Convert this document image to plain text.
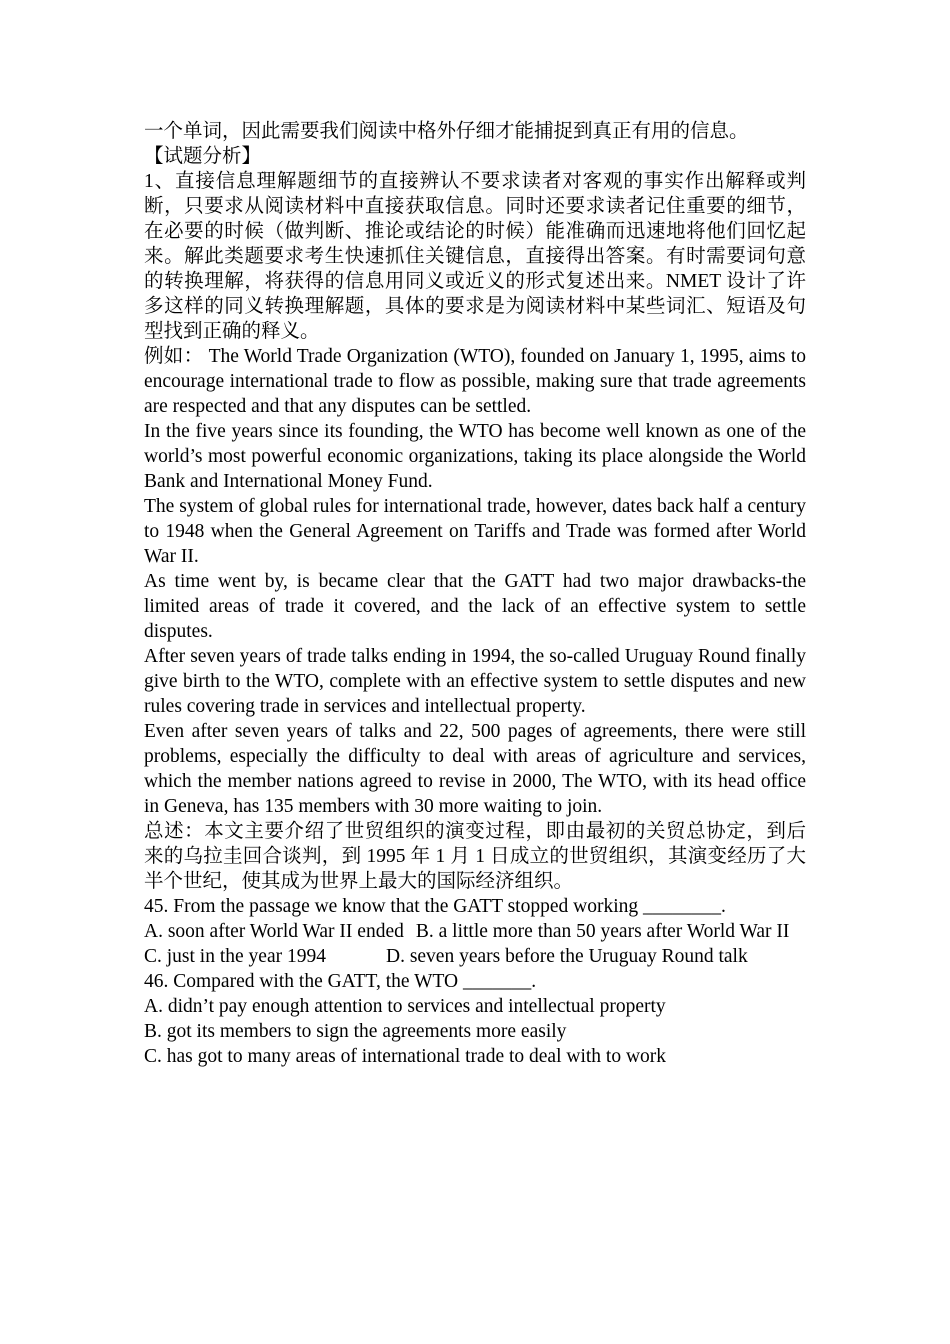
一个单词，因此需要我们阅读中格外仔细才能捕捉到真正有用的信息。

【试题分析】

1、直接信息理解题细节的直接辨认不要求读者对客观的事实作出解释或判断，只要求从阅读材料中直接获取信息。同时还要求读者记住重要的细节，在必要的时候（做判断、推论或结论的时候）能准确而迅速地将他们回忆起来。解此类题要求考生快速抓住关键信息，直接得出答案。有时需要词句意的转换理解，将获得的信息用同义或近义的形式复述出来。NMET 设计了许多这样的同义转换理解题，具体的要求是为阅读材料中某些词汇、短语及句型找到正确的释义。

例如： The World Trade Organization (WTO), founded on January 1, 1995, aims to encourage international trade to flow as possible, making sure that trade agreements are respected and that any disputes can be settled.

In the five years since its founding, the WTO has become well known as one of the world’s most powerful economic organizations, taking its place alongside the World Bank and International Money Fund.

The system of global rules for international trade, however, dates back half a century to 1948 when the General Agreement on Tariffs and Trade was formed after World War II.

As time went by, is became clear that the GATT had two major drawbacks-the limited areas of trade it covered, and the lack of an effective system to settle disputes.

After seven years of trade talks ending in 1994, the so-called Uruguay Round finally give birth to the WTO, complete with an effective system to settle disputes and new rules covering trade in services and intellectual property.

Even after seven years of talks and 22, 500 pages of agreements, there were still problems, especially the difficulty to deal with areas of agriculture and services, which the member nations agreed to revise in 2000, The WTO, with its head office in Geneva, has 135 members with 30 more waiting to join.

总述：本文主要介绍了世贸组织的演变过程，即由最初的关贸总协定，到后来的乌拉圭回合谈判，到 1995 年 1 月 1 日成立的世贸组织，其演变经历了大半个世纪，使其成为世界上最大的国际经济组织。

45. From the passage we know that the GATT stopped working ________.

A. soon after World War II ended B. a little more than 50 years after World War II

C. just in the year 1994	D. seven years before the Uruguay Round talk

46. Compared with the GATT, the WTO _______.

A. didn’t pay enough attention to services and intellectual property

B. got its members to sign the agreements more easily

C. has got to many areas of international trade to deal with to work
